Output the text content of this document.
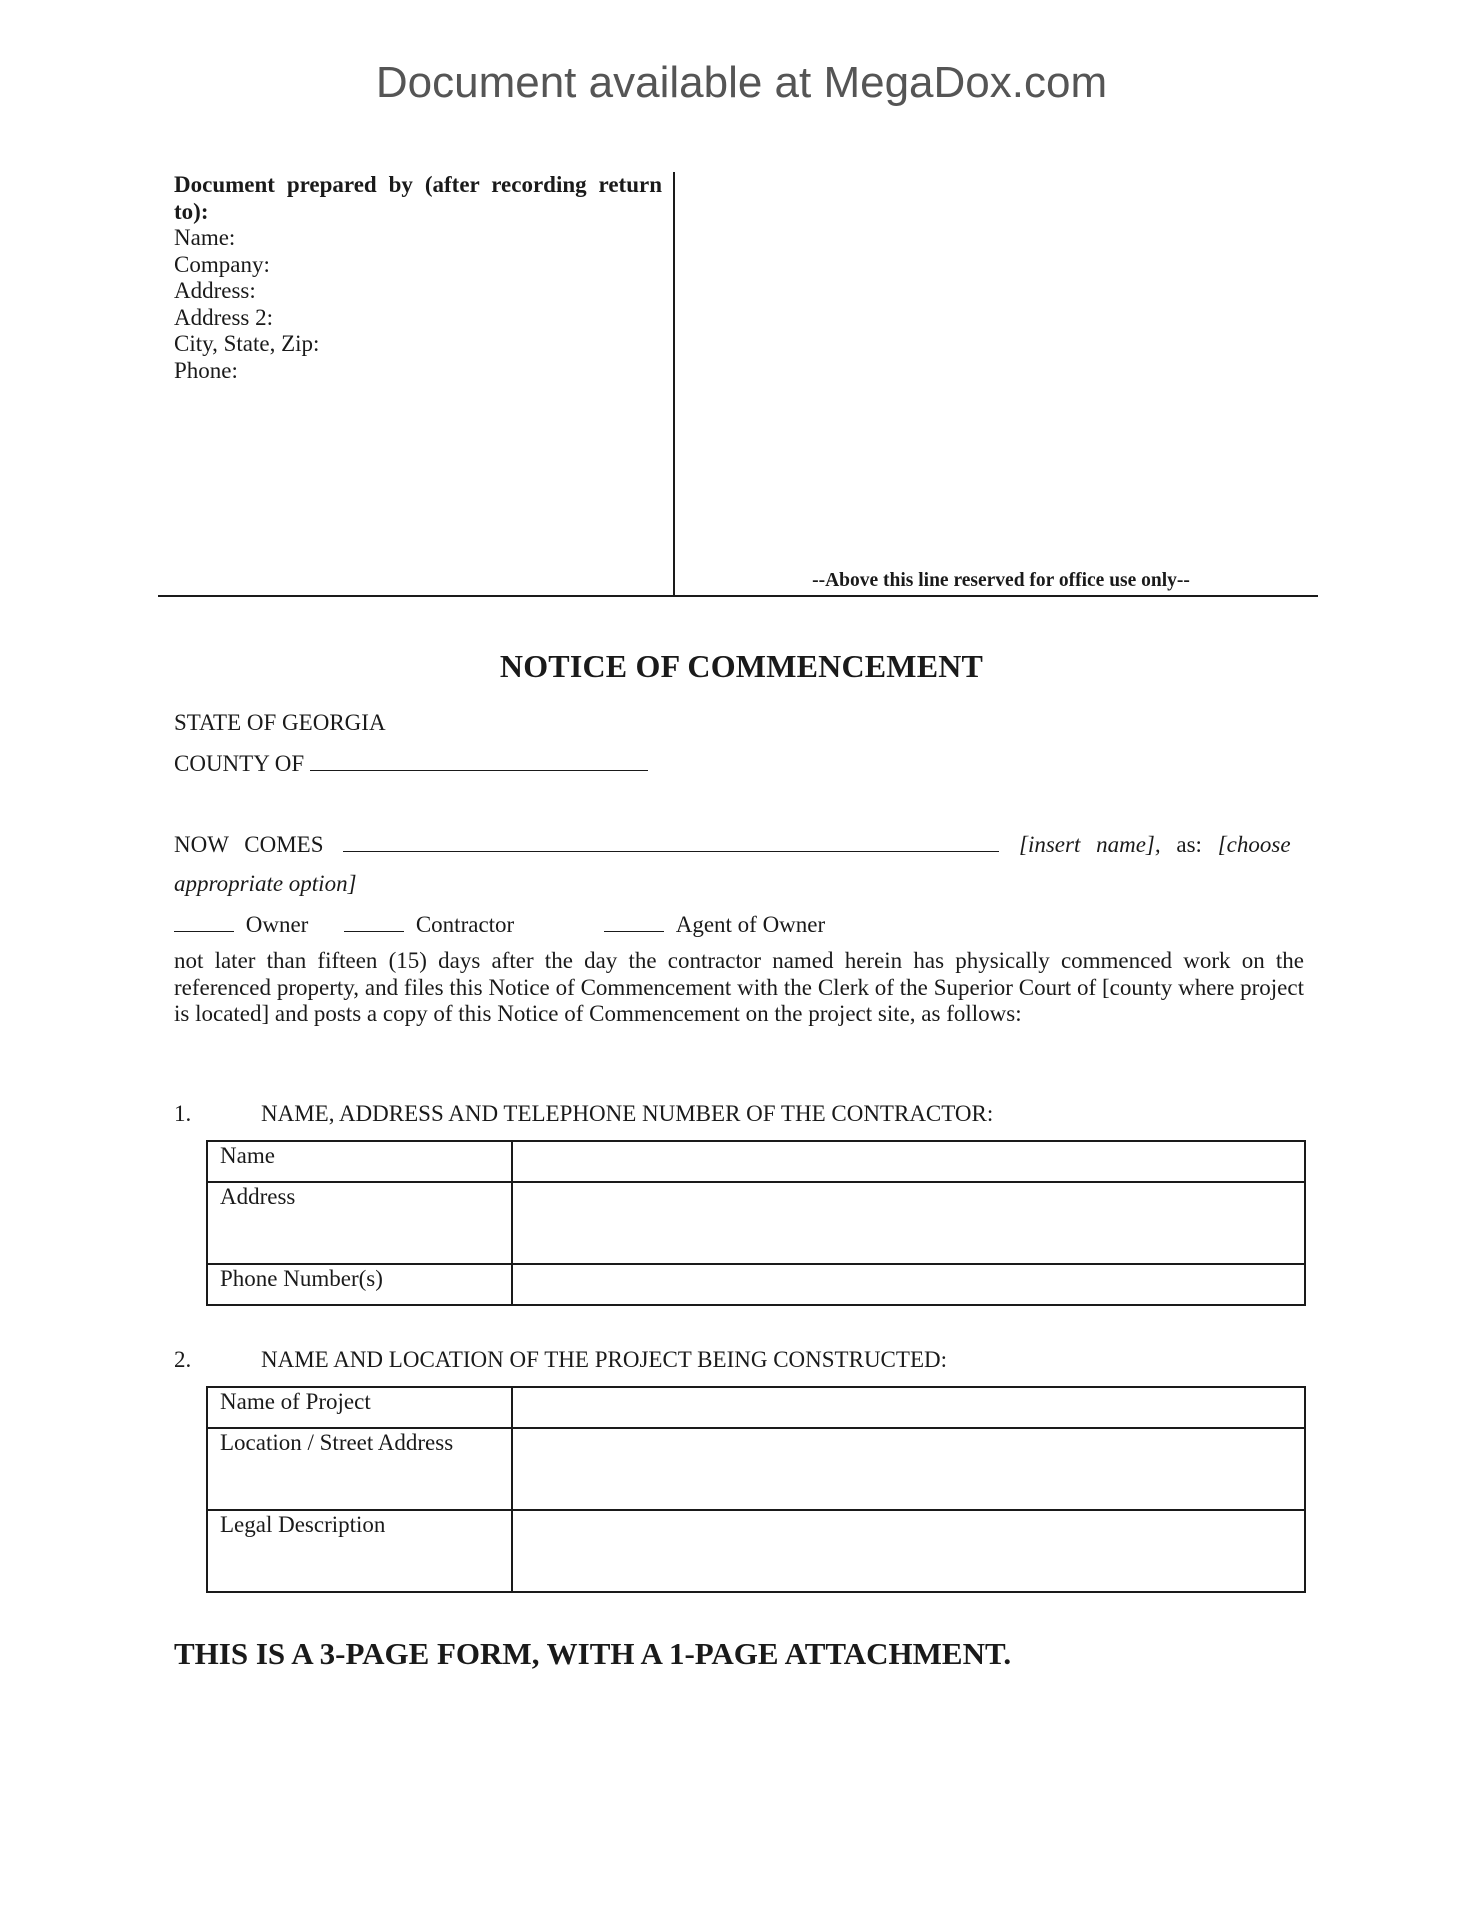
Document available at MegaDox.com
Document prepared by (after recording return to):
Name:
Company:
Address:
Address 2:
City, State, Zip:
Phone:
--Above this line reserved for office use only--
NOTICE OF COMMENCEMENT
STATE OF GEORGIA
COUNTY OF
NOW COMES	[insert name], as: [choose
appropriate option]
Owner	Contractor	Agent of Owner
not later than fifteen (15) days after the day the contractor named herein has physically commenced work on the referenced property, and files this Notice of Commencement with the Clerk of the Superior Court of [county where project is located] and posts a copy of this Notice of Commencement on the project site, as follows:
1.	NAME, ADDRESS AND TELEPHONE NUMBER OF THE CONTRACTOR:
Name	
Address	
Phone Number(s)	
2.	NAME AND LOCATION OF THE PROJECT BEING CONSTRUCTED:
Name of Project	
Location / Street Address	
Legal Description	
THIS IS A 3-PAGE FORM, WITH A 1-PAGE ATTACHMENT.
